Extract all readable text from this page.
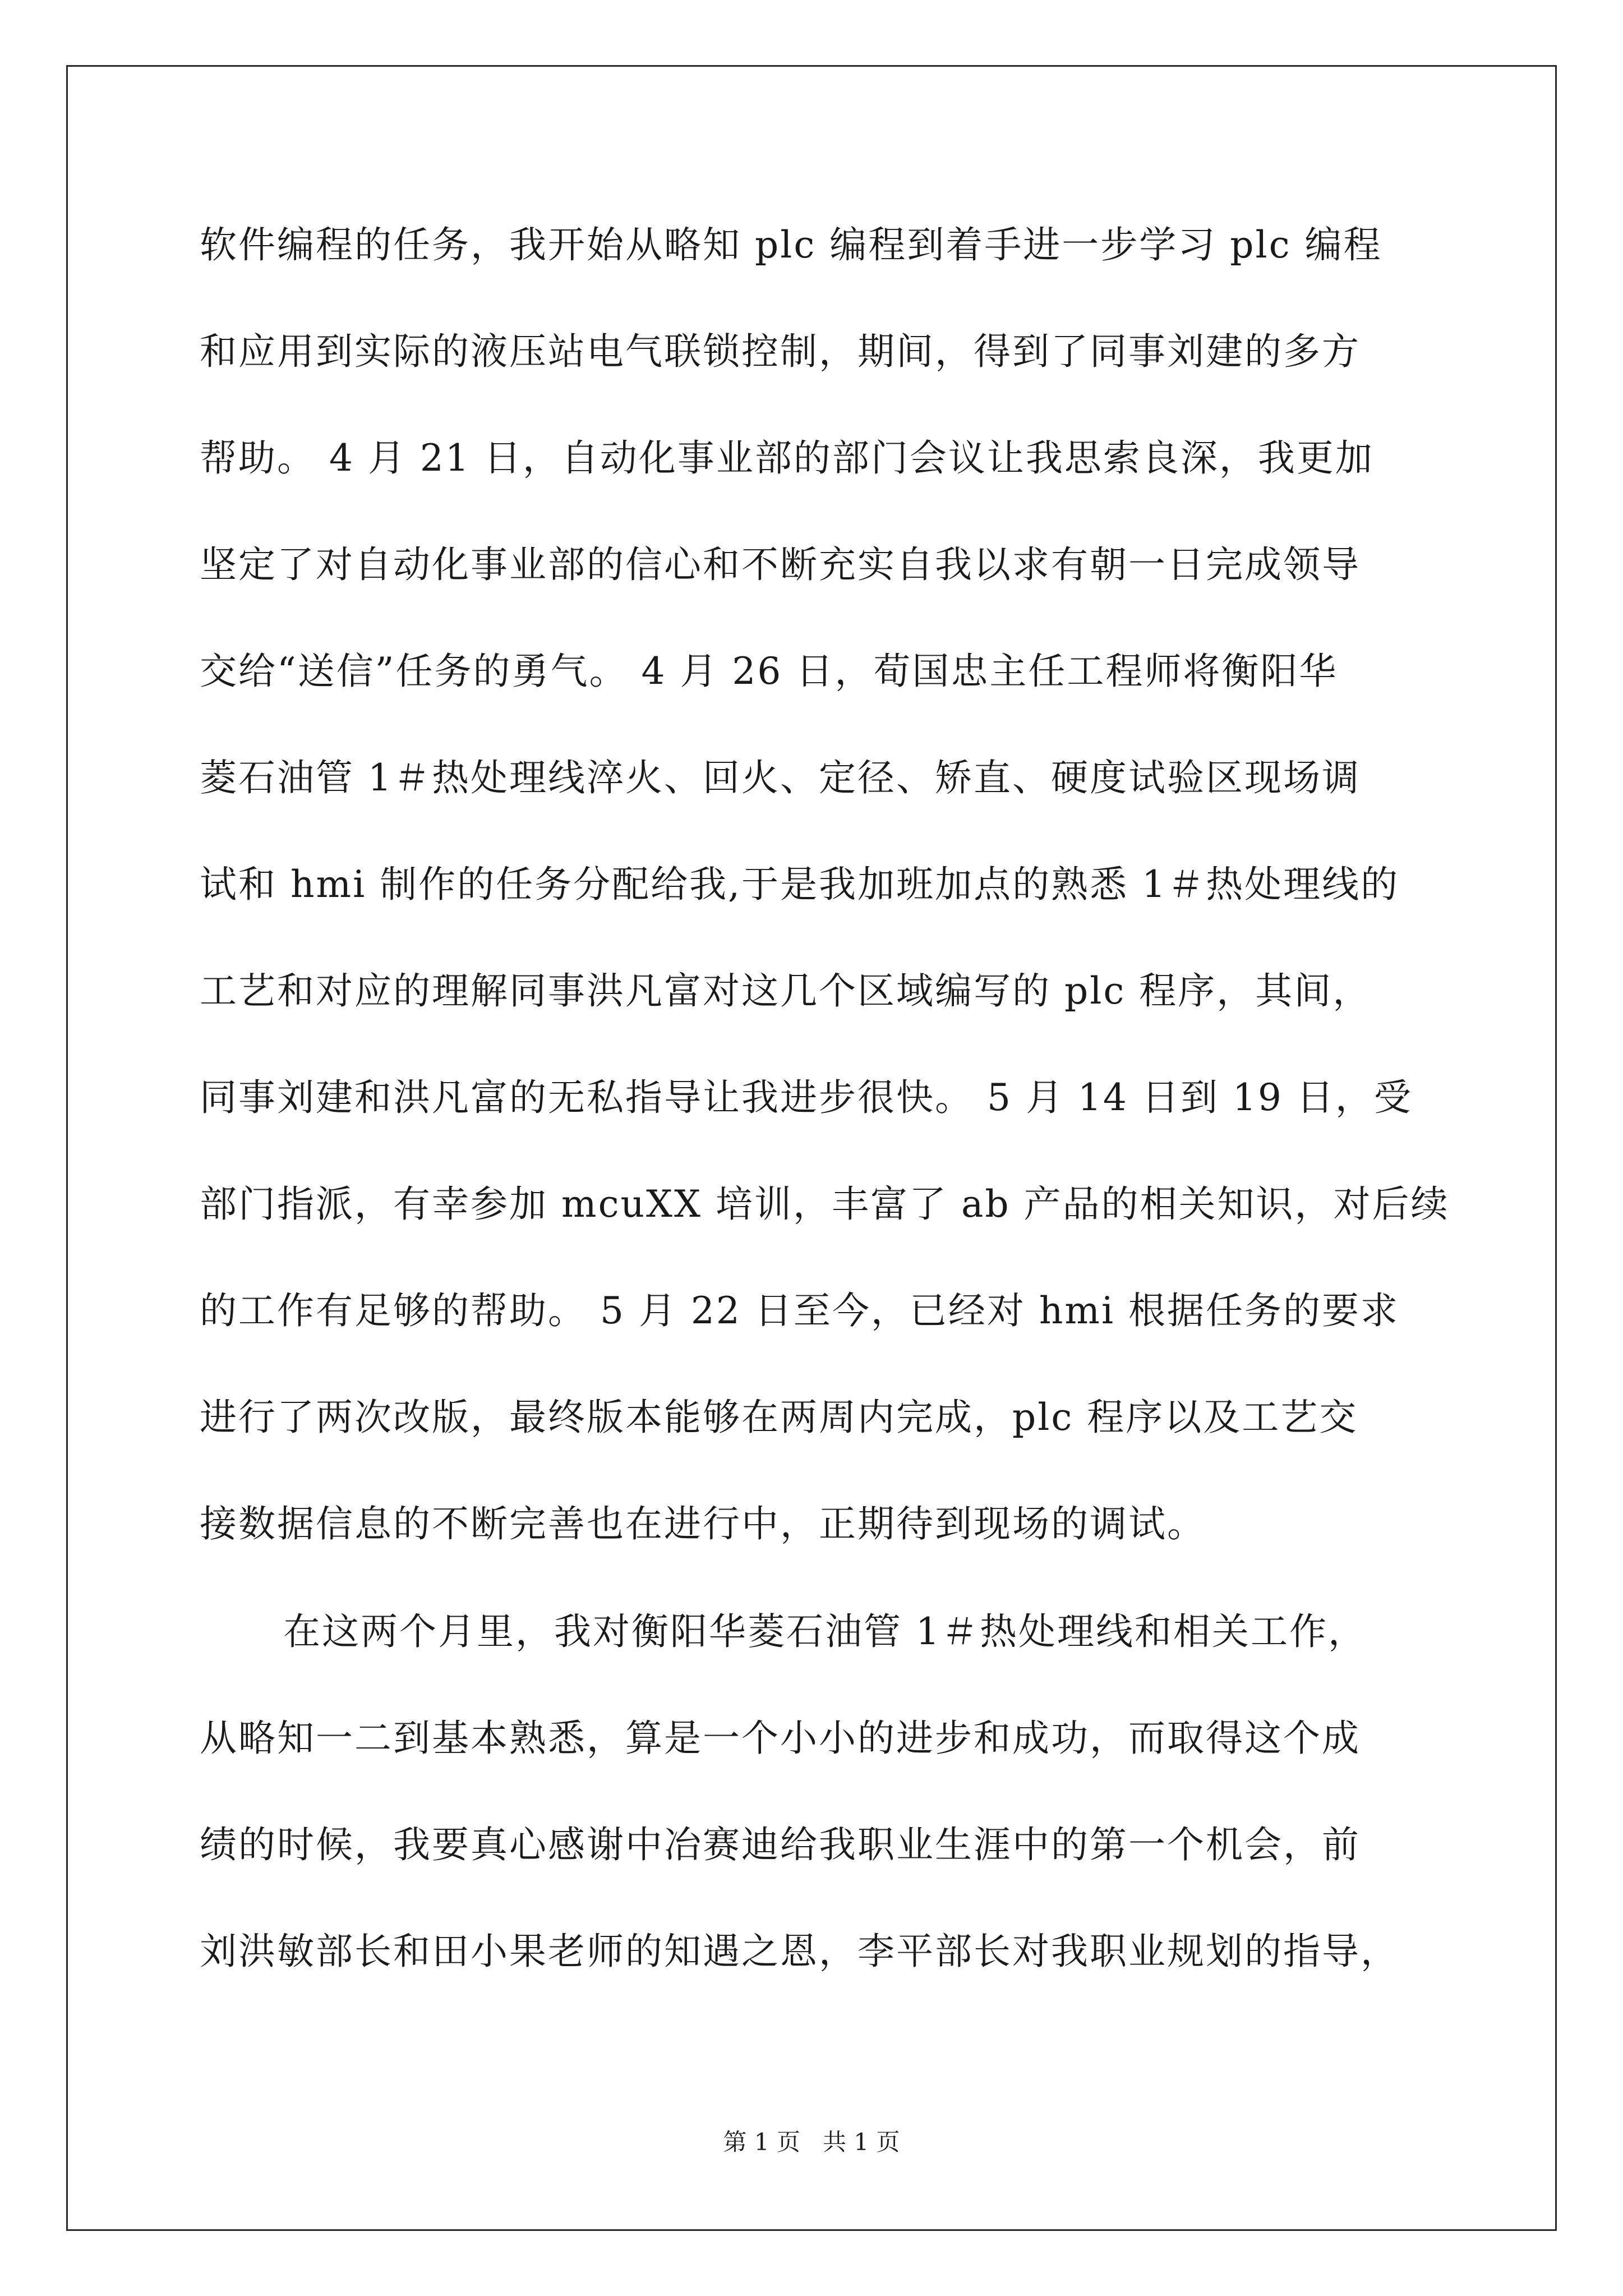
软件编程的任务，我开始从略知 plc 编程到着手进一步学习 plc 编程
和应用到实际的液压站电气联锁控制，期间，得到了同事刘建的多方
帮助。 4 月 21 日，自动化事业部的部门会议让我思索良深，我更加
坚定了对自动化事业部的信心和不断充实自我以求有朝一日完成领导
交给“送信”任务的勇气。 4 月 26 日，荀国忠主任工程师将衡阳华
菱石油管 1＃热处理线淬火、回火、定径、矫直、硬度试验区现场调
试和 hmi 制作的任务分配给我,于是我加班加点的熟悉 1＃热处理线的
工艺和对应的理解同事洪凡富对这几个区域编写的 plc 程序，其间，
同事刘建和洪凡富的无私指导让我进步很快。 5 月 14 日到 19 日，受
部门指派，有幸参加 mcuXX 培训，丰富了 ab 产品的相关知识，对后续
的工作有足够的帮助。 5 月 22 日至今，已经对 hmi 根据任务的要求
进行了两次改版，最终版本能够在两周内完成，plc 程序以及工艺交
接数据信息的不断完善也在进行中，正期待到现场的调试。
在这两个月里，我对衡阳华菱石油管 1＃热处理线和相关工作，
从略知一二到基本熟悉，算是一个小小的进步和成功，而取得这个成
绩的时候，我要真心感谢中冶赛迪给我职业生涯中的第一个机会，前
刘洪敏部长和田小果老师的知遇之恩，李平部长对我职业规划的指导，
第 1 页   共 1 页
